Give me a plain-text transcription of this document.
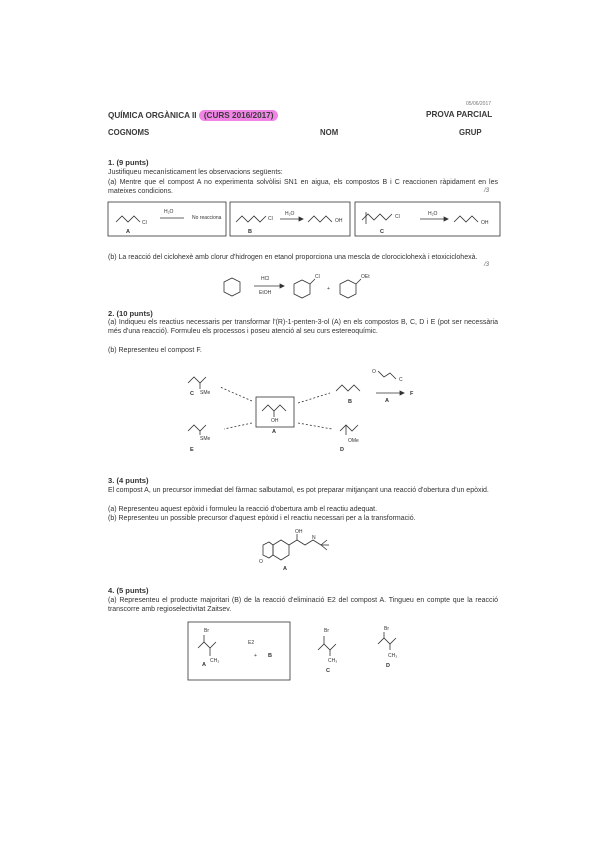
05/06/2017
QUÍMICA ORGÀNICA II (CURS 2016/2017)	PROVA PARCIAL
COGNOMS	NOM	GRUP
1. (9 punts)
Justifiqueu mecanísticament les observacions següents:
(a) Mentre que el compost A no experimenta solvòlisi SN1 en aigua, els compostos B i C reaccionen ràpidament en les mateixes condicions.	/3
Cl
A
H₂O
No reacciona	Cl
B
H₂O
OH
Cl
C
H₂O
OH
(b) La reacció del ciclohexè amb clorur d'hidrogen en etanol proporciona una mescla de clorociclohexà i etoxiciclohexà.
/3
HCl
EtOH
Cl
+
OEt
2. (10 punts)
(a) Indiqueu els reactius necessaris per transformar l'(R)-1-penten-3-ol (A) en els compostos B, C, D i E (pot ser necessària més d'una reacció). Formuleu els processos i poseu atenció al seu curs estereoquímic.
(b) Representeu el compost F.
OH
A
SMe
C
SMe
E
B
O
C
A
F
OMe
D
3. (4 punts)
El compost A, un precursor immediat del fàrmac salbutamol, es pot preparar mitjançant una reacció d'obertura d'un epòxid.
(a) Representeu aquest epòxid i formuleu la reacció d'obertura amb el reactiu adequat.
(b) Representeu un possible precursor d'aquest epòxid i el reactiu necessari per a la transformació.
O
OH
N
A
4. (5 punts)
(a) Representeu el producte majoritari (B) de la reacció d'eliminació E2 del compost A. Tingueu en compte que la reacció transcorre amb regioselectivitat Zaitsev.
Br
CH₃
A
E2
+ B
Br
CH₃
C
Br
CH₃
D
